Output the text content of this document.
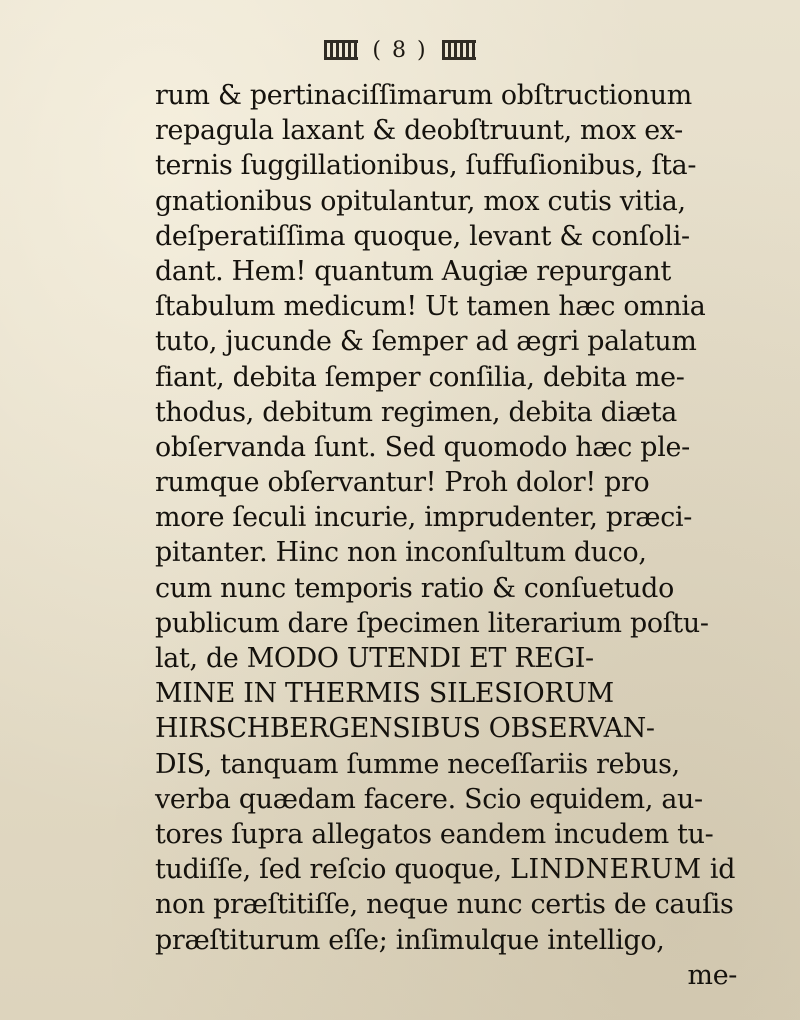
( 8 )
rum & pertinaciſſimarum obſtructionum
repagula laxant & deobſtruunt, mox ex-
ternis ſuggillationibus, ſuffuſionibus, ſta-
gnationibus opitulantur, mox cutis vitia,
deſperatiſſima quoque, levant & conſoli-
dant. Hem! quantum Augiæ repurgant
ſtabulum medicum! Ut tamen hæc omnia
tuto, jucunde & ſemper ad ægri palatum
fiant, debita ſemper conſilia, debita me-
thodus, debitum regimen, debita diæta
obſervanda ſunt. Sed quomodo hæc ple-
rumque obſervantur! Proh dolor! pro
more ſeculi incurie, imprudenter, præci-
pitanter. Hinc non inconſultum duco,
cum nunc temporis ratio & conſuetudo
publicum dare ſpecimen literarium poſtu-
lat, de MODO UTENDI ET REGI-
MINE IN THERMIS SILESIORUM
HIRSCHBERGENSIBUS OBSERVAN-
DIS, tanquam ſumme neceſſariis rebus,
verba quædam facere. Scio equidem, au-
tores ſupra allegatos eandem incudem tu-
tudiſſe, ſed reſcio quoque, LINDNERUM id
non præſtitiſſe, neque nunc certis de cauſis
præſtiturum eſſe; inſimulque intelligo,
me-
